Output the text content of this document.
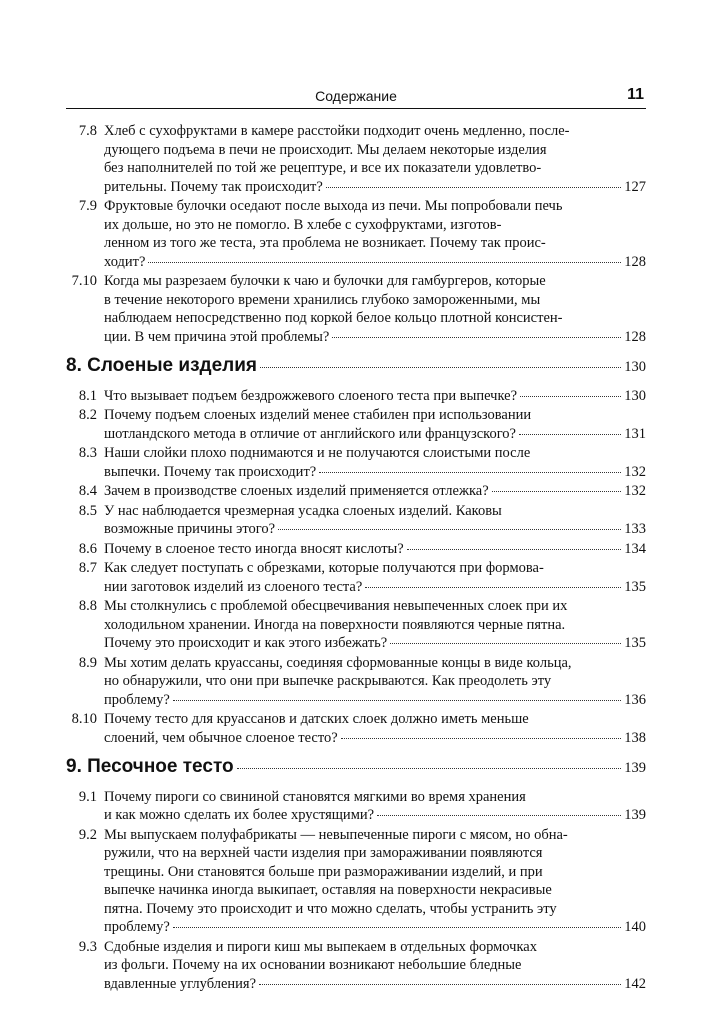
Содержание	11
7.8 Хлеб с сухофруктами в камере расстойки подходит очень медленно, после-
дующего подъема в печи не происходит. Мы делаем некоторые изделия
без наполнителей по той же рецептуре, и все их показатели удовлетво-
рительны. Почему так происходит?	127
7.9 Фруктовые булочки оседают после выхода из печи. Мы попробовали печь
их дольше, но это не помогло. В хлебе с сухофруктами, изготов-
ленном из того же теста, эта проблема не возникает. Почему так проис-
ходит?	128
7.10 Когда мы разрезаем булочки к чаю и булочки для гамбургеров, которые
в течение некоторого времени хранились глубоко замороженными, мы
наблюдаем непосредственно под коркой белое кольцо плотной консистен-
ции. В чем причина этой проблемы?	128
8. Слоеные изделия	130
8.1 Что вызывает подъем бездрожжевого слоеного теста при выпечке?	130
8.2 Почему подъем слоеных изделий менее стабилен при использовании
шотландского метода в отличие от английского или французского?	131
8.3 Наши слойки плохо поднимаются и не получаются слоистыми после
выпечки. Почему так происходит?	132
8.4 Зачем в производстве слоеных изделий применяется отлежка?	132
8.5 У нас наблюдается чрезмерная усадка слоеных изделий. Каковы
возможные причины этого?	133
8.6 Почему в слоеное тесто иногда вносят кислоты?	134
8.7 Как следует поступать с обрезками, которые получаются при формова-
нии заготовок изделий из слоеного теста?	135
8.8 Мы столкнулись с проблемой обесцвечивания невыпеченных слоек при их
холодильном хранении. Иногда на поверхности появляются черные пятна.
Почему это происходит и как этого избежать?	135
8.9 Мы хотим делать круассаны, соединяя сформованные концы в виде кольца,
но обнаружили, что они при выпечке раскрываются. Как преодолеть эту
проблему?	136
8.10 Почему тесто для круассанов и датских слоек должно иметь меньше
слоений, чем обычное слоеное тесто?	138
9. Песочное тесто	139
9.1 Почему пироги со свининой становятся мягкими во время хранения
и как можно сделать их более хрустящими?	139
9.2 Мы выпускаем полуфабрикаты — невыпеченные пироги с мясом, но обна-
ружили, что на верхней части изделия при замораживании появляются
трещины. Они становятся больше при размораживании изделий, и при
выпечке начинка иногда выкипает, оставляя на поверхности некрасивые
пятна. Почему это происходит и что можно сделать, чтобы устранить эту
проблему?	140
9.3 Сдобные изделия и пироги киш мы выпекаем в отдельных формочках
из фольги. Почему на их основании возникают небольшие бледные
вдавленные углубления?	142
